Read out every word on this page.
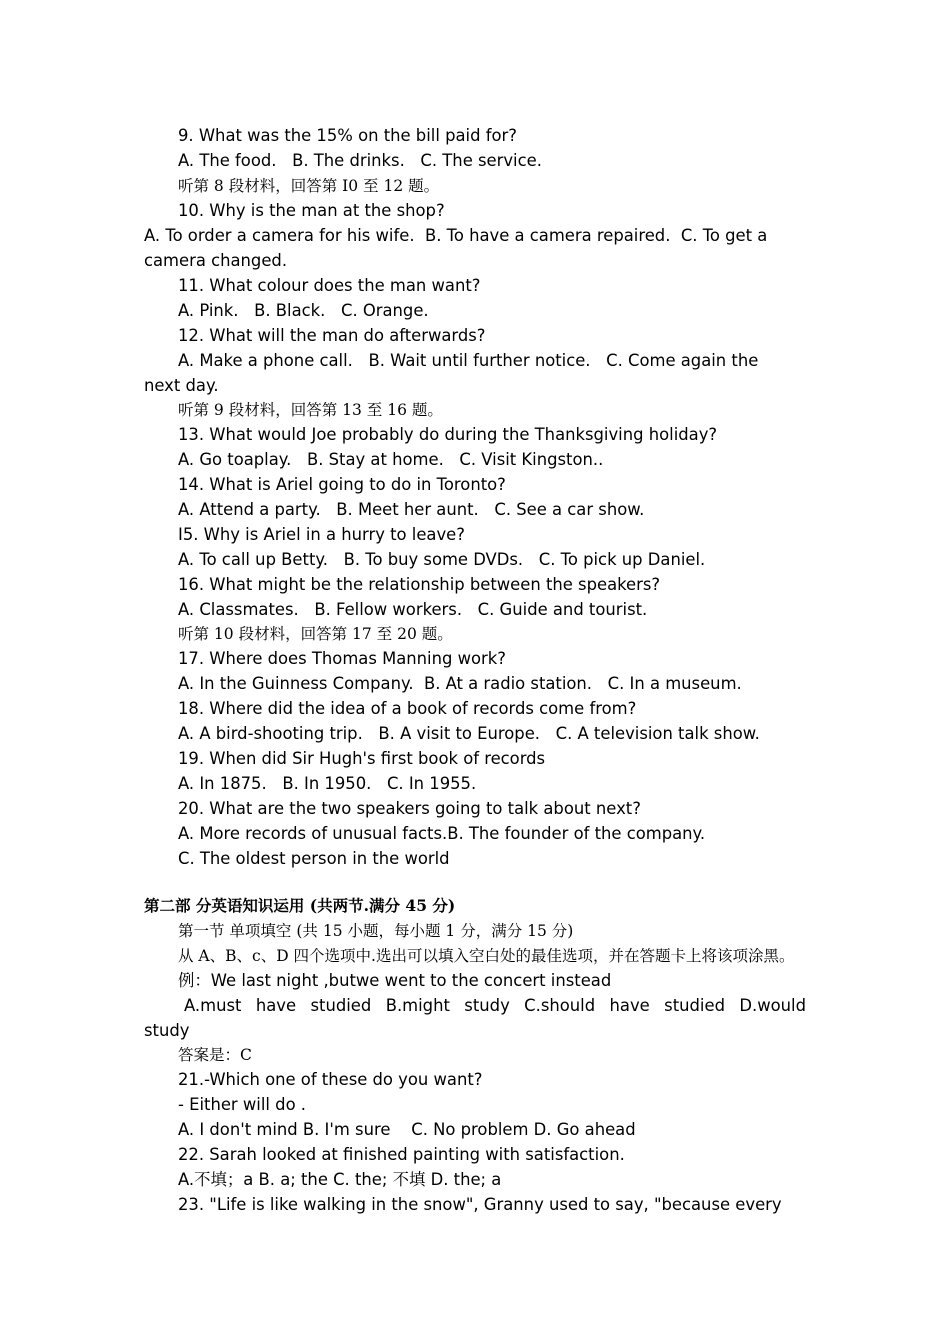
9. What was the 15% on the bill paid for?
A. The food.   B. The drinks.   C. The service.
听第 8 段材料，回答第 I0 至 12 题。
10. Why is the man at the shop?
A. To order a camera for his wife.  B. To have a camera repaired.  C. To get a
camera changed.
11. What colour does the man want?
A. Pink.   B. Black.   C. Orange.
12. What will the man do afterwards?
A. Make a phone call.   B. Wait until further notice.   C. Come again the
next day.
听第 9 段材料，回答第 13 至 16 题。
13. What would Joe probably do during the Thanksgiving holiday?
A. Go toaplay.   B. Stay at home.   C. Visit Kingston..
14. What is Ariel going to do in Toronto?
A. Attend a party.   B. Meet her aunt.   C. See a car show.
I5. Why is Ariel in a hurry to leave?
A. To call up Betty.   B. To buy some DVDs.   C. To pick up Daniel.
16. What might be the relationship between the speakers?
A. Classmates.   B. Fellow workers.   C. Guide and tourist.
听第 10 段材料，回答第 17 至 20 题。
17. Where does Thomas Manning work?
A. In the Guinness Company.  B. At a radio station.   C. In a museum.
18. Where did the idea of a book of records come from?
A. A bird-shooting trip.   B. A visit to Europe.   C. A television talk show.
19. When did Sir Hugh's first book of records
A. In 1875.   B. In 1950.   C. In 1955.
20. What are the two speakers going to talk about next?
A. More records of unusual facts.B. The founder of the company.
C. The oldest person in the world
第二部 分英语知识运用 (共两节.满分 45 分)
第一节 单项填空 (共 15 小题，每小题 1 分，满分 15 分)
从 A、B、c、D 四个选项中.选出可以填入空白处的最佳选项，并在答题卡上将该项涂黑。
例：We last night ,butwe went to the concert instead
A.must have studied B.might study C.should have studied D.would
study
答案是：C
21.-Which one of these do you want?
- Either will do .
A. I don't mind B. I'm sure    C. No problem D. Go ahead
22. Sarah looked at finished painting with satisfaction.
A.不填；a B. a; the C. the; 不填 D. the; a
23. "Life is like walking in the snow", Granny used to say, "because every
